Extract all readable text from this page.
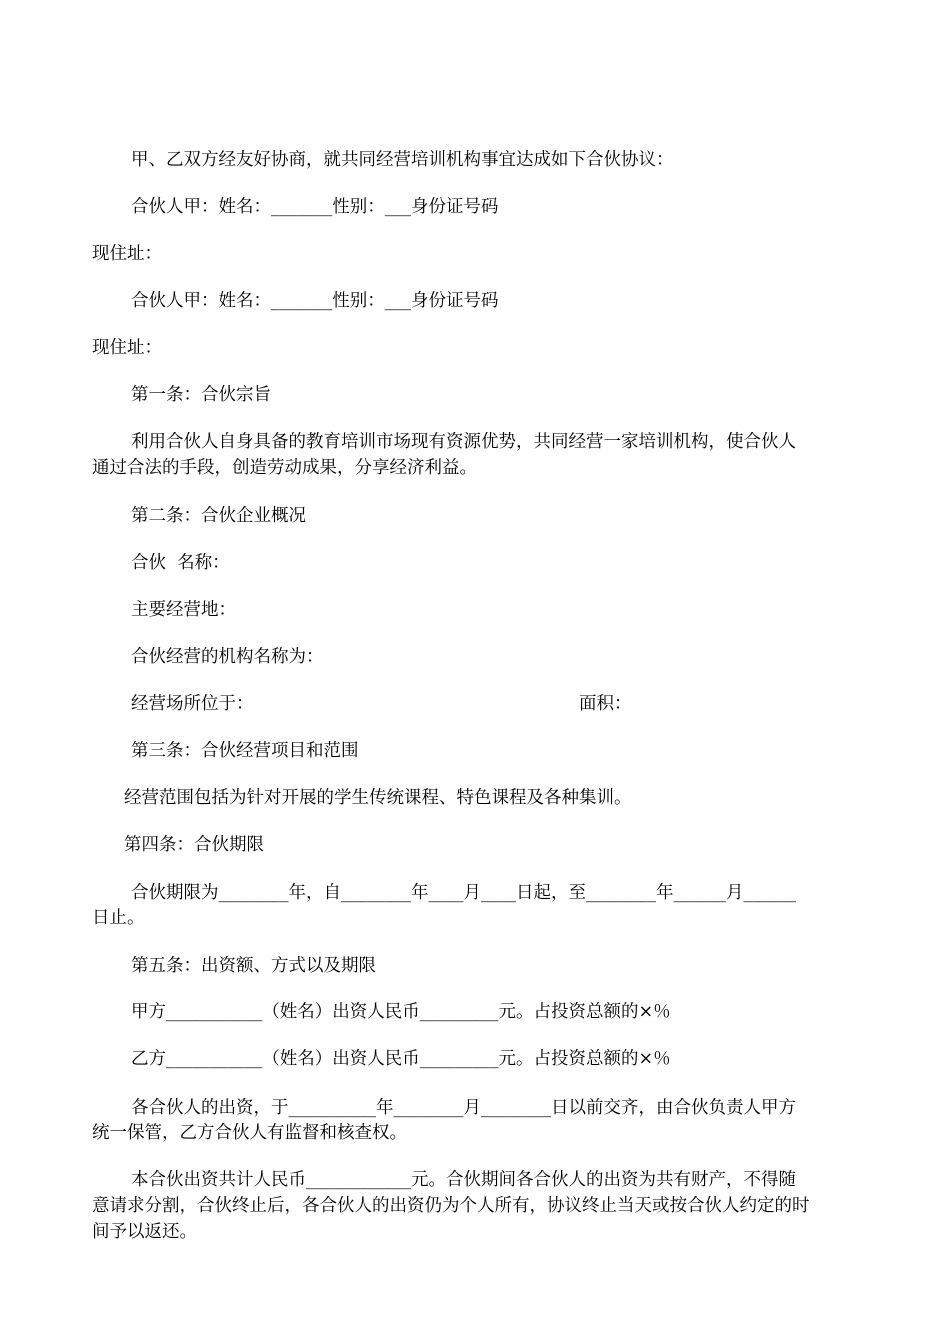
甲、乙双方经友好协商，就共同经营培训机构事宜达成如下合伙协议：
合伙人甲：姓名：_______性别：___身份证号码
现住址：
合伙人甲：姓名：_______性别：___身份证号码
现住址：
第一条：合伙宗旨
利用合伙人自身具备的教育培训市场现有资源优势，共同经营一家培训机构，使合伙人
通过合法的手段，创造劳动成果，分享经济利益。
第二条：合伙企业概况
合伙  名称：
主要经营地：
合伙经营的机构名称为：
经营场所位于：	面积：
第三条：合伙经营项目和范围
经营范围包括为针对开展的学生传统课程、特色课程及各种集训。
第四条：合伙期限
合伙期限为________年，自________年____月____日起，至________年______月______
日止。
第五条：出资额、方式以及期限
甲方___________（姓名）出资人民币_________元。占投资总额的×％
乙方___________（姓名）出资人民币_________元。占投资总额的×％
各合伙人的出资，于__________年________月________日以前交齐，由合伙负责人甲方
统一保管，乙方合伙人有监督和核查权。
本合伙出资共计人民币____________元。合伙期间各合伙人的出资为共有财产，不得随
意请求分割，合伙终止后，各合伙人的出资仍为个人所有，协议终止当天或按合伙人约定的时
间予以返还。
